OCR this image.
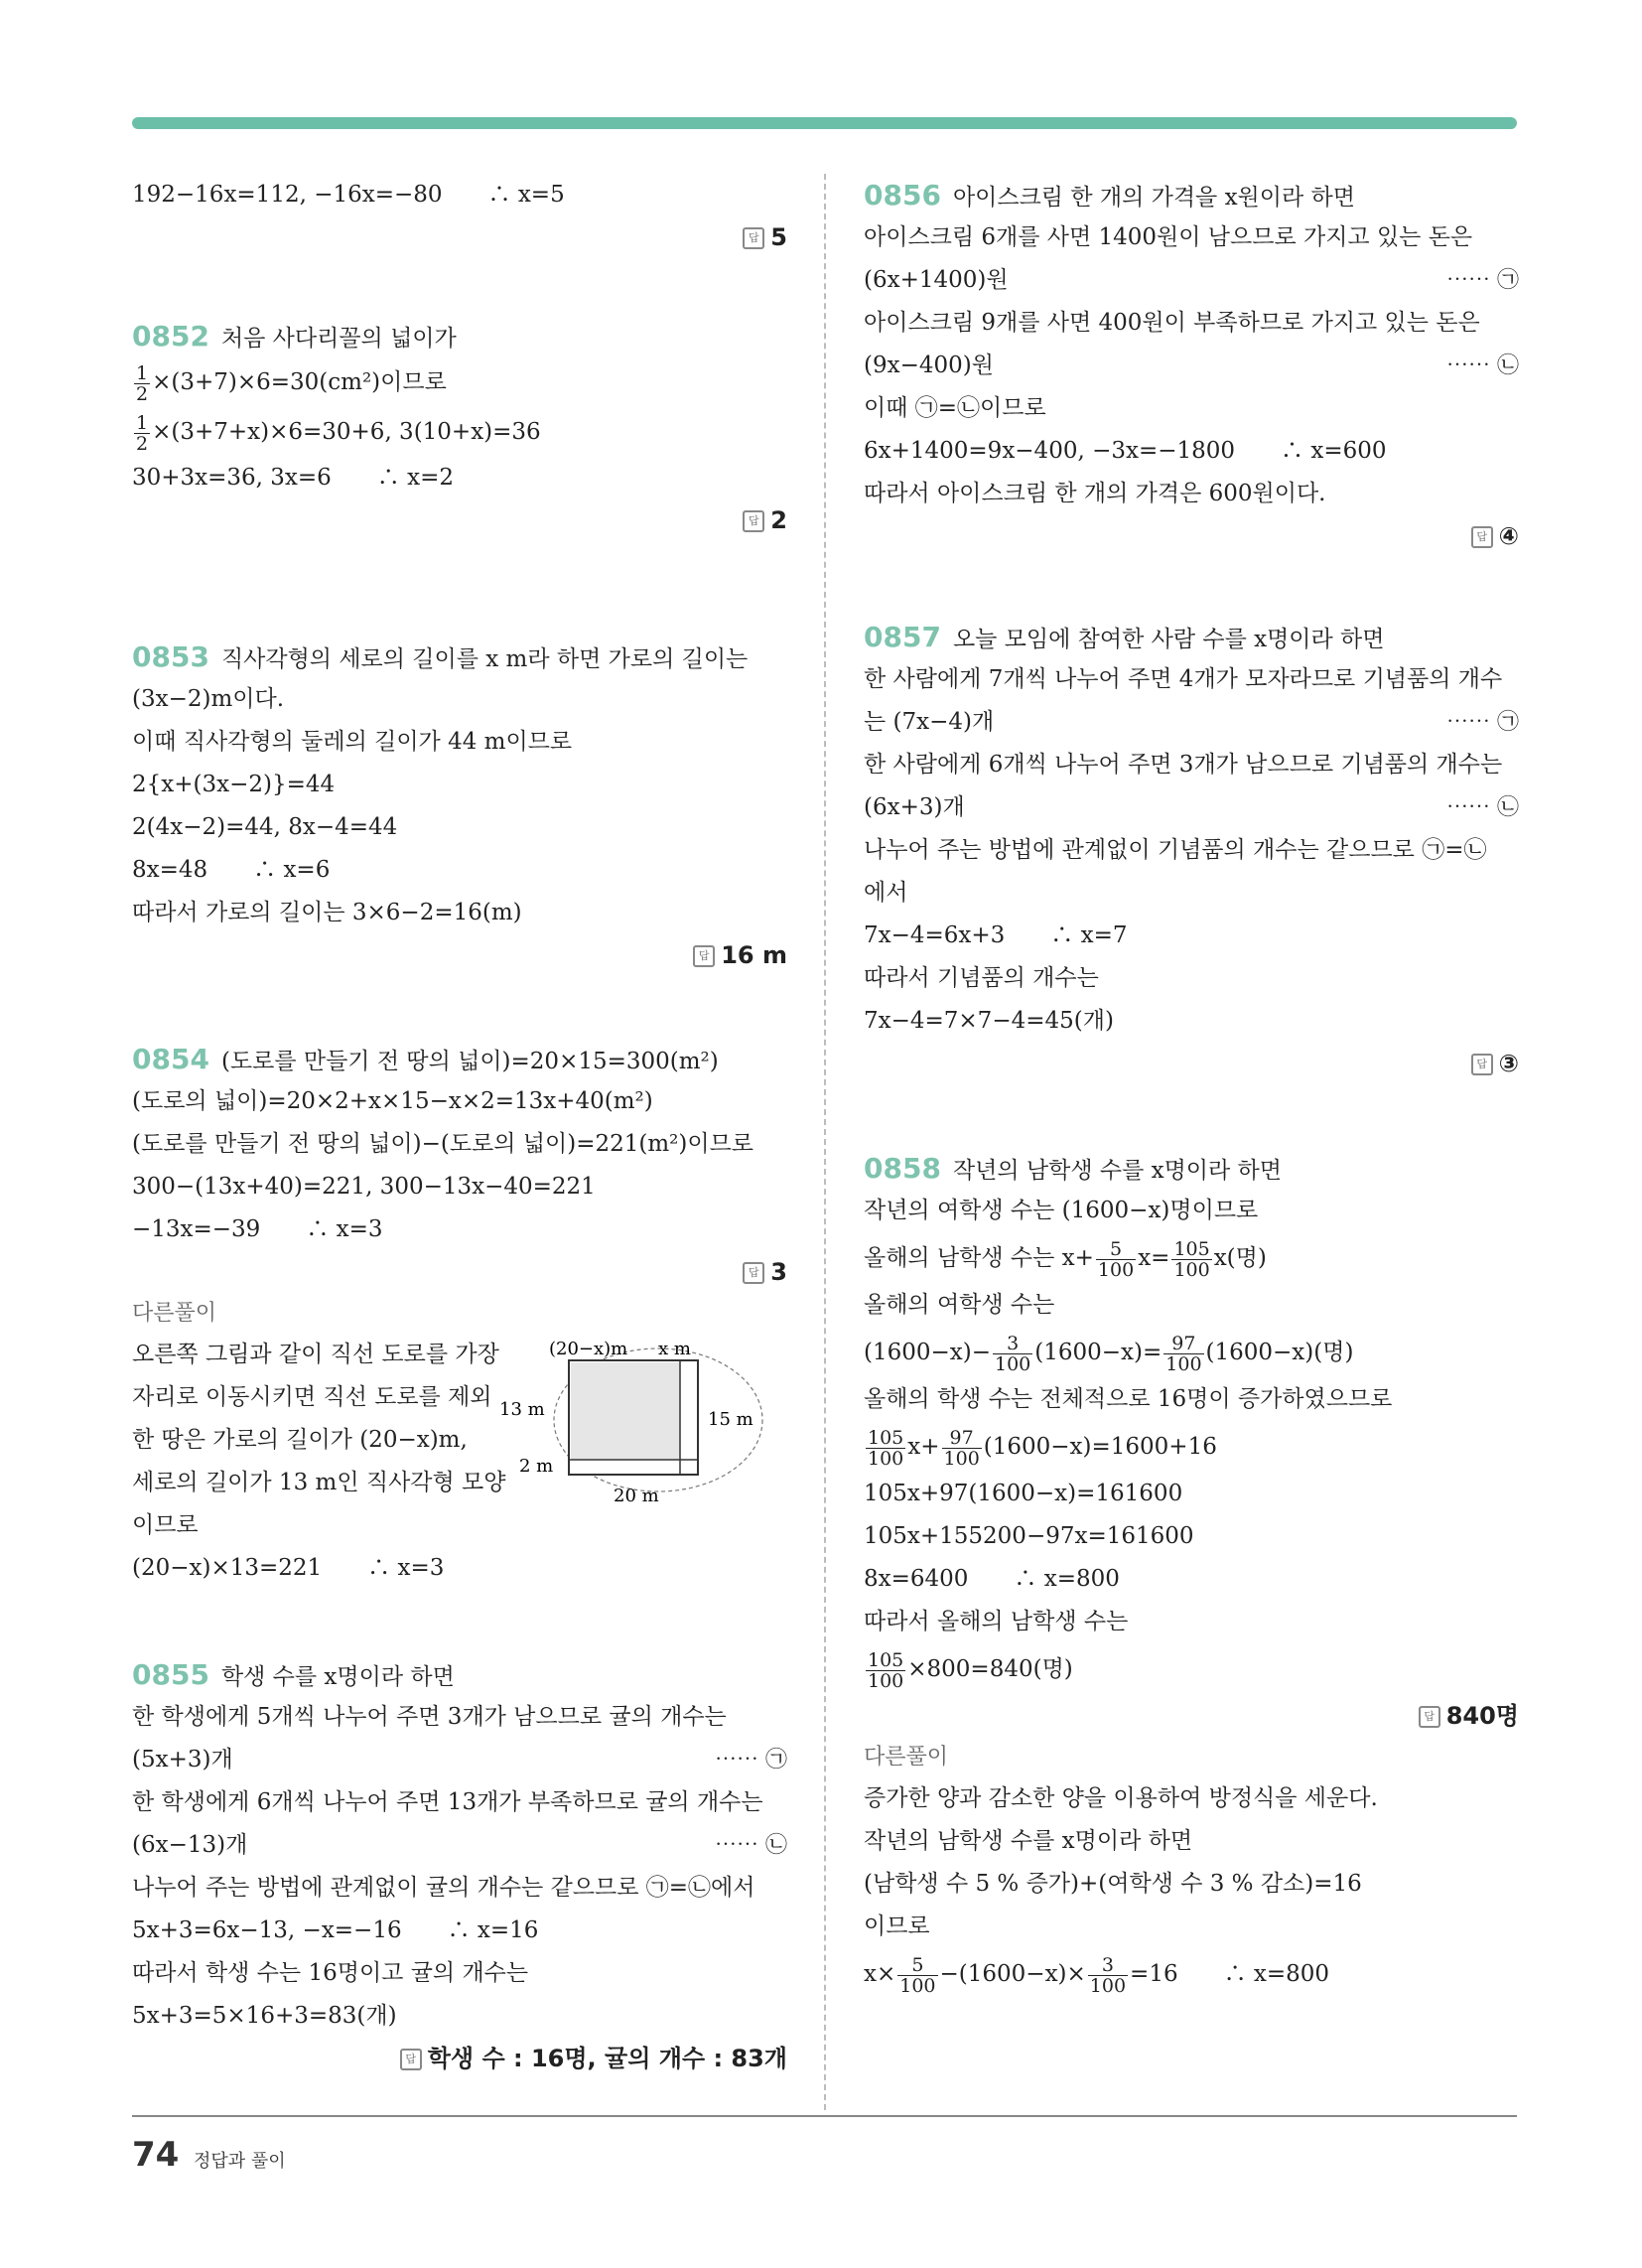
192−16x=112, −16x=−80　　∴ x=5
답 5
0852 처음 사다리꼴의 넓이가
$\frac{1}{2} \times(3+7)\times 6=30(cm^2)$이므로
$\frac{1}{2} \times(3+7+x)\times 6=30+6$, 3(10+x)=36
30+3x=36, 3x=6　　∴ x=2
답 2
0853 직사각형의 세로의 길이를 x m라 하면 가로의 길이는
(3x−2)m이다.
이때 직사각형의 둘레의 길이가 44 m이므로
2{x+(3x−2)}=44
2(4x−2)=44, 8x−4=44
8x=48　　∴ x=6
따라서 가로의 길이는 3×6−2=16(m)
답 16 m
0854 (도로를 만들기 전 땅의 넓이)=20×15=300(m²)
(도로의 넓이)=20×2+x×15−x×2=13x+40(m²)
(도로를 만들기 전 땅의 넓이)−(도로의 넓이)=221(m²)이므로
300−(13x+40)=221, 300−13x−40=221
−13x=−39　　∴ x=3
답 3
다른풀이
오른쪽 그림과 같이 직선 도로를 가장
자리로 이동시키면 직선 도로를 제외
한 땅은 가로의 길이가 (20−x)m,
세로의 길이가 13 m인 직사각형 모양
이므로
(20−x)×13=221　　∴ x=3
(20−x)m x m
13 m	15 m
2 m
20 m
0855 학생 수를 x명이라 하면
한 학생에게 5개씩 나누어 주면 3개가 남으므로 귤의 개수는
(5x+3)개	⋯⋯ ㉠
한 학생에게 6개씩 나누어 주면 13개가 부족하므로 귤의 개수는
(6x−13)개	⋯⋯ ㉡
나누어 주는 방법에 관계없이 귤의 개수는 같으므로 ㉠=㉡에서
5x+3=6x−13, −x=−16　　∴ x=16
따라서 학생 수는 16명이고 귤의 개수는
5x+3=5×16+3=83(개)
답 학생 수 : 16명, 귤의 개수 : 83개
0856 아이스크림 한 개의 가격을 x원이라 하면
아이스크림 6개를 사면 1400원이 남으므로 가지고 있는 돈은
(6x+1400)원	⋯⋯ ㉠
아이스크림 9개를 사면 400원이 부족하므로 가지고 있는 돈은
(9x−400)원	⋯⋯ ㉡
이때 ㉠=㉡이므로
6x+1400=9x−400, −3x=−1800　　∴ x=600
따라서 아이스크림 한 개의 가격은 600원이다.
답 ④
0857 오늘 모임에 참여한 사람 수를 x명이라 하면
한 사람에게 7개씩 나누어 주면 4개가 모자라므로 기념품의 개수
는 (7x−4)개	⋯⋯ ㉠
한 사람에게 6개씩 나누어 주면 3개가 남으므로 기념품의 개수는
(6x+3)개	⋯⋯ ㉡
나누어 주는 방법에 관계없이 기념품의 개수는 같으므로 ㉠=㉡
에서
7x−4=6x+3　　∴ x=7
따라서 기념품의 개수는
7x−4=7×7−4=45(개)
답 ③
0858 작년의 남학생 수를 x명이라 하면
작년의 여학생 수는 (1600−x)명이므로
올해의 남학생 수는 $x+ \frac{5}{100} x= \frac{105}{100} x$(명)
올해의 여학생 수는
$(1600-x)- \frac{3}{100} (1600-x)= \frac{97}{100} (1600-x)$(명)
올해의 학생 수는 전체적으로 16명이 증가하였으므로
$\frac{105}{100} x+ \frac{97}{100} (1600-x)=1600+16$
105x+97(1600−x)=161600
105x+155200−97x=161600
8x=6400　　∴ x=800
따라서 올해의 남학생 수는
$\frac{105}{100} \times 800=840$(명)
답 840명
다른풀이
증가한 양과 감소한 양을 이용하여 방정식을 세운다.
작년의 남학생 수를 x명이라 하면
(남학생 수 5 % 증가)+(여학생 수 3 % 감소)=16
이므로
$x\times \frac{5}{100} -(1600-x)\times \frac{3}{100} =16$　　∴ x=800
74 정답과 풀이
